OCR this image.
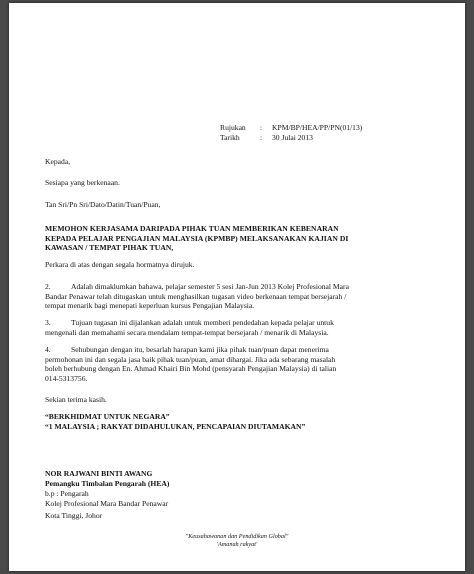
Rujukan : KPM/BP/HEA/PP/PN(01/13)
Tarikh	: 30 Julai 2013
Kepada,
Sesiapa yang berkenaan.
Tan Sri/Pn Sri/Dato/Datin/Tuan/Puan,
MEMOHON KERJASAMA DARIPADA PIHAK TUAN MEMBERIKAN KEBENARAN
KEPADA PELAJAR PENGAJIAN MALAYSIA (KPMBP) MELAKSANAKAN KAJIAN DI
KAWASAN / TEMPAT PIHAK TUAN,
Perkara di atas dengan segala hormatnya dirujuk.
2.	Adalah dimaklumkan bahawa, pelajar semester 5 sesi Jan-Jun 2013 Kolej Profesional Mara
Bandar Penawar telah ditugaskan untuk menghasilkan tugasan video berkenaan tempat bersejarah /
tempat menarik bagi menepati keperluan kursus Pengajian Malaysia.
3.	Tujuan tugasan ini dijalankan adalah untuk memberi pendedahan kepada pelajar untuk
mengenali dan memahami secara mendalam tempat-tempat bersejarah / menarik di Malaysia.
4.	Sehubungan dengan itu, besarlah harapan kami jika pihak tuan/puan dapat menerima
permohonan ini dan segala jasa baik pihak tuan/puan, amat dihargai. Jika ada sebarang masalah
boleh berhubung dengan En. Ahmad Khairi Bin Mohd (pensyarah Pengajian Malaysia) di talian
014-5313756.
Sekian terima kasih.
“BERKHIDMAT UNTUK NEGARA”
“1 MALAYSIA ; RAKYAT DIDAHULUKAN, PENCAPAIAN DIUTAMAKAN”
NOR RAJWANI BINTI AWANG
Pemangku Timbalan Pengarah (HEA)
b.p : Pengarah
Kolej Profesional Mara Bandar Penawar
Kota Tinggi, Johor
"Keusahawanan dan Pendidikan Global"
'Amanah rakyat'
